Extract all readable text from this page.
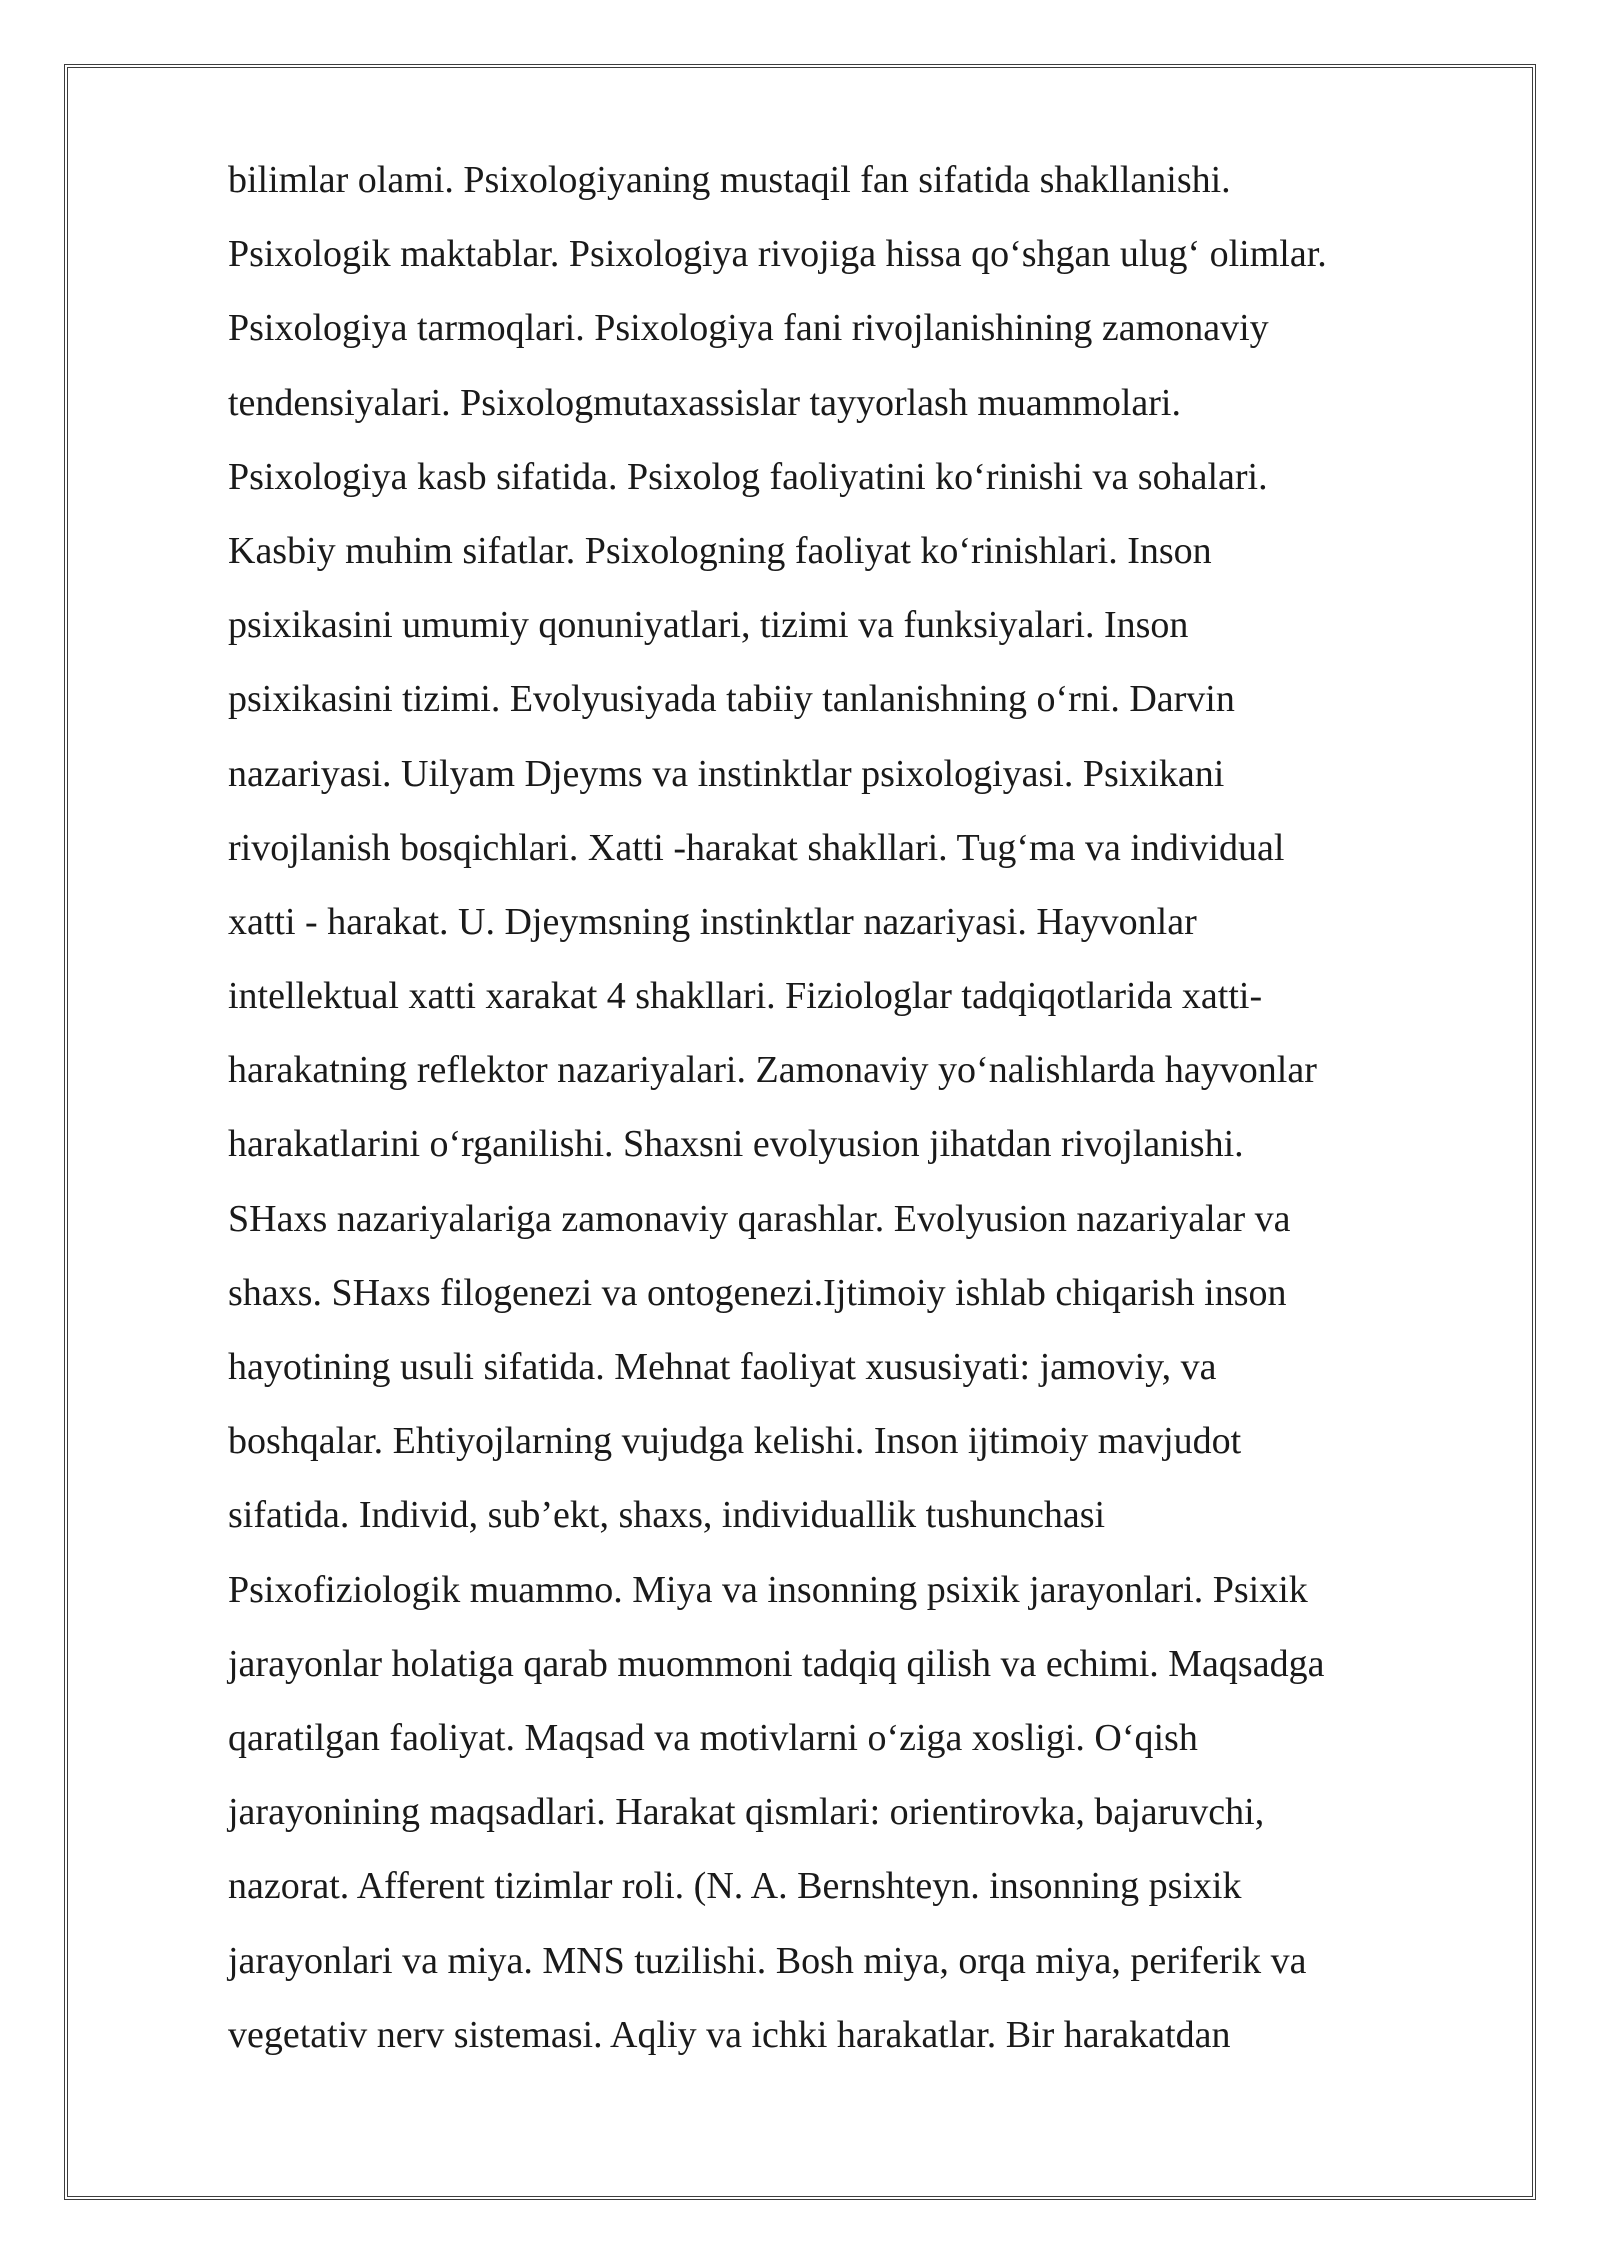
bilimlar olami. Psixologiyaning mustaqil fan sifatida shakllanishi.
Psixologik maktablar. Psixologiya rivojiga hissa qo‘shgan ulug‘ olimlar.
Psixologiya tarmoqlari. Psixologiya fani rivojlanishining zamonaviy
tendensiyalari. Psixologmutaxassislar tayyorlash muammolari.
Psixologiya kasb sifatida. Psixolog faoliyatini ko‘rinishi va sohalari.
Kasbiy muhim sifatlar. Psixologning faoliyat ko‘rinishlari. Inson
psixikasini umumiy qonuniyatlari, tizimi va funksiyalari. Inson
psixikasini tizimi. Evolyusiyada tabiiy tanlanishning o‘rni. Darvin
nazariyasi. Uilyam Djeyms va instinktlar psixologiyasi. Psixikani
rivojlanish bosqichlari. Xatti -harakat shakllari. Tug‘ma va individual
xatti - harakat. U. Djeymsning instinktlar nazariyasi. Hayvonlar
intellektual xatti xarakat 4 shakllari. Fiziologlar tadqiqotlarida xatti-
harakatning reflektor nazariyalari. Zamonaviy yo‘nalishlarda hayvonlar
harakatlarini o‘rganilishi. Shaxsni evolyusion jihatdan rivojlanishi.
SHaxs nazariyalariga zamonaviy qarashlar. Evolyusion nazariyalar va
shaxs. SHaxs filogenezi va ontogenezi.Ijtimoiy ishlab chiqarish inson
hayotining usuli sifatida. Mehnat faoliyat xususiyati: jamoviy, va
boshqalar. Ehtiyojlarning vujudga kelishi. Inson ijtimoiy mavjudot
sifatida. Individ, sub’ekt, shaxs, individuallik tushunchasi
Psixofiziologik muammo. Miya va insonning psixik jarayonlari. Psixik
jarayonlar holatiga qarab muommoni tadqiq qilish va echimi. Maqsadga
qaratilgan faoliyat. Maqsad va motivlarni o‘ziga xosligi. O‘qish
jarayonining maqsadlari. Harakat qismlari: orientirovka, bajaruvchi,
nazorat. Afferent tizimlar roli. (N. A. Bernshteyn. insonning psixik
jarayonlari va miya. MNS tuzilishi. Bosh miya, orqa miya, periferik va
vegetativ nerv sistemasi. Aqliy va ichki harakatlar. Bir harakatdan
